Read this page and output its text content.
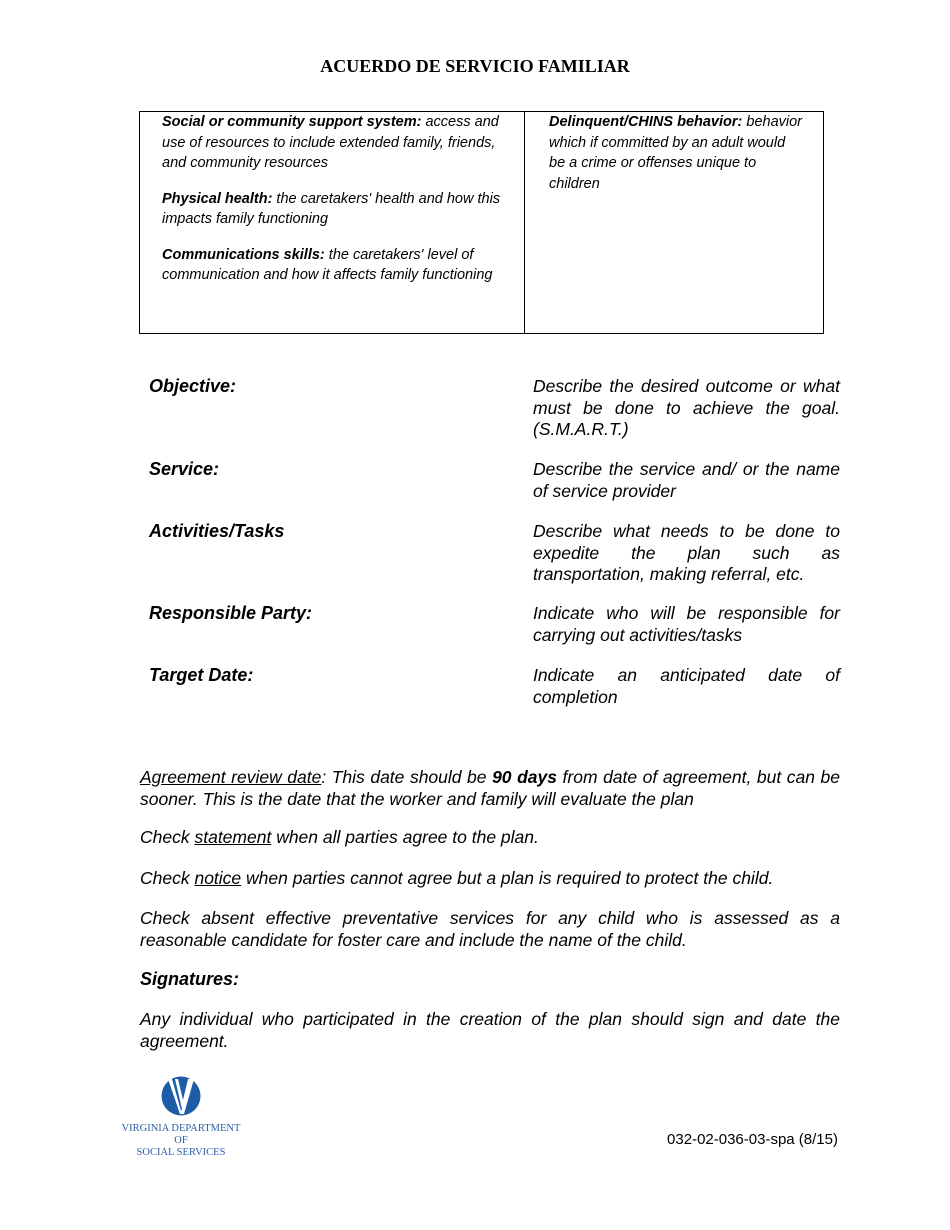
ACUERDO DE SERVICIO FAMILIAR

Social or community support system: access and use of resources to include extended family, friends, and community resources

Physical health: the caretakers' health and how this impacts family functioning

Communications skills: the caretakers' level of communication and how it affects family functioning

Delinquent/CHINS behavior: behavior which if committed by an adult would be a crime or offenses unique to children

Objective:	Describe the desired outcome or what must be done to achieve the goal. (S.M.A.R.T.)
Service:	Describe the service and/ or the name of service provider
Activities/Tasks	Describe what needs to be done to expedite the plan such as transportation, making referral, etc.
Responsible Party:	Indicate who will be responsible for carrying out activities/tasks
Target Date:	Indicate an anticipated date of completion

Agreement review date: This date should be 90 days from date of agreement, but can be sooner. This is the date that the worker and family will evaluate the plan

Check statement when all parties agree to the plan.

Check notice when parties cannot agree but a plan is required to protect the child.

Check absent effective preventative services for any child who is assessed as a reasonable candidate for foster care and include the name of the child.

Signatures:

Any individual who participated in the creation of the plan should sign and date the agreement.

VIRGINIA DEPARTMENT OF
SOCIAL SERVICES
032-02-036-03-spa (8/15)
